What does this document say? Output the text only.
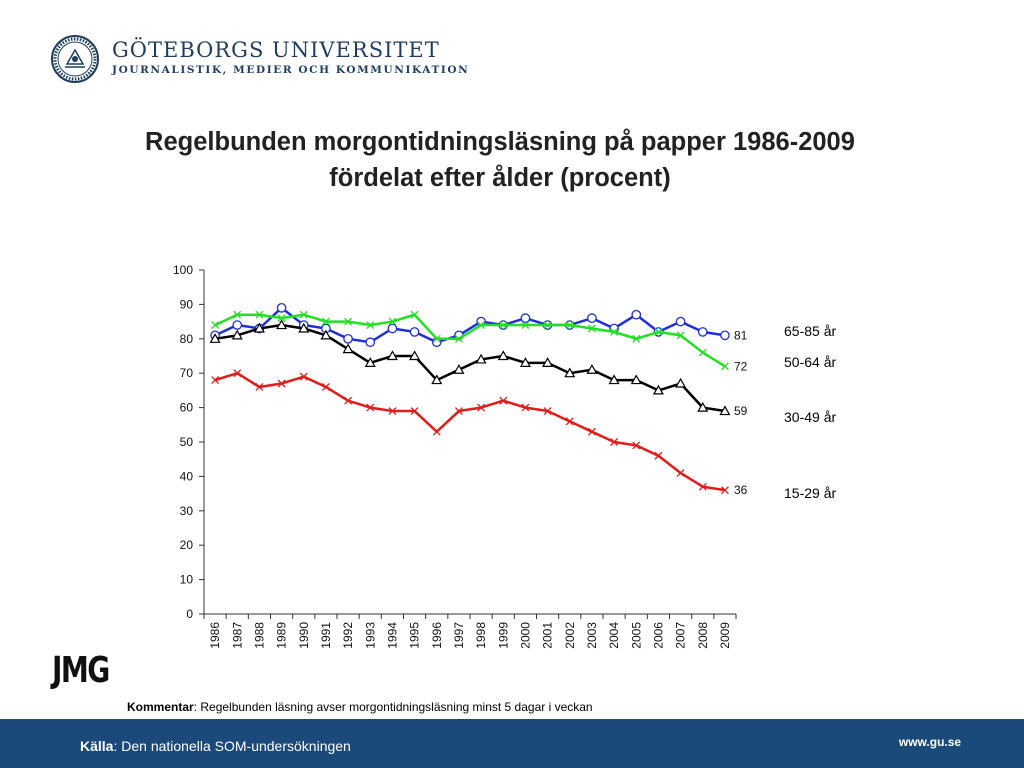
GÖTEBORGS UNIVERSITET
JOURNALISTIK, MEDIER OCH KOMMUNIKATION
Regelbunden morgontidningsläsning på papper 1986-2009
fördelat efter ålder (procent)
0
10
20
30
40
50
60
70
80
90
100
1986 1987 1988 1989 1990 1991 1992 1993 1994 1995 1996 1997 1998 1999 2000 2001 2002 2003 2004 2005 2006 2007 2008 2009
81
72
59
36
65-85 år
50-64 år
30-49 år
15-29 år
JMG
Kommentar: Regelbunden läsning avser morgontidningsläsning minst 5 dagar i veckan
Källa: Den nationella SOM-undersökningen	www.gu.se
